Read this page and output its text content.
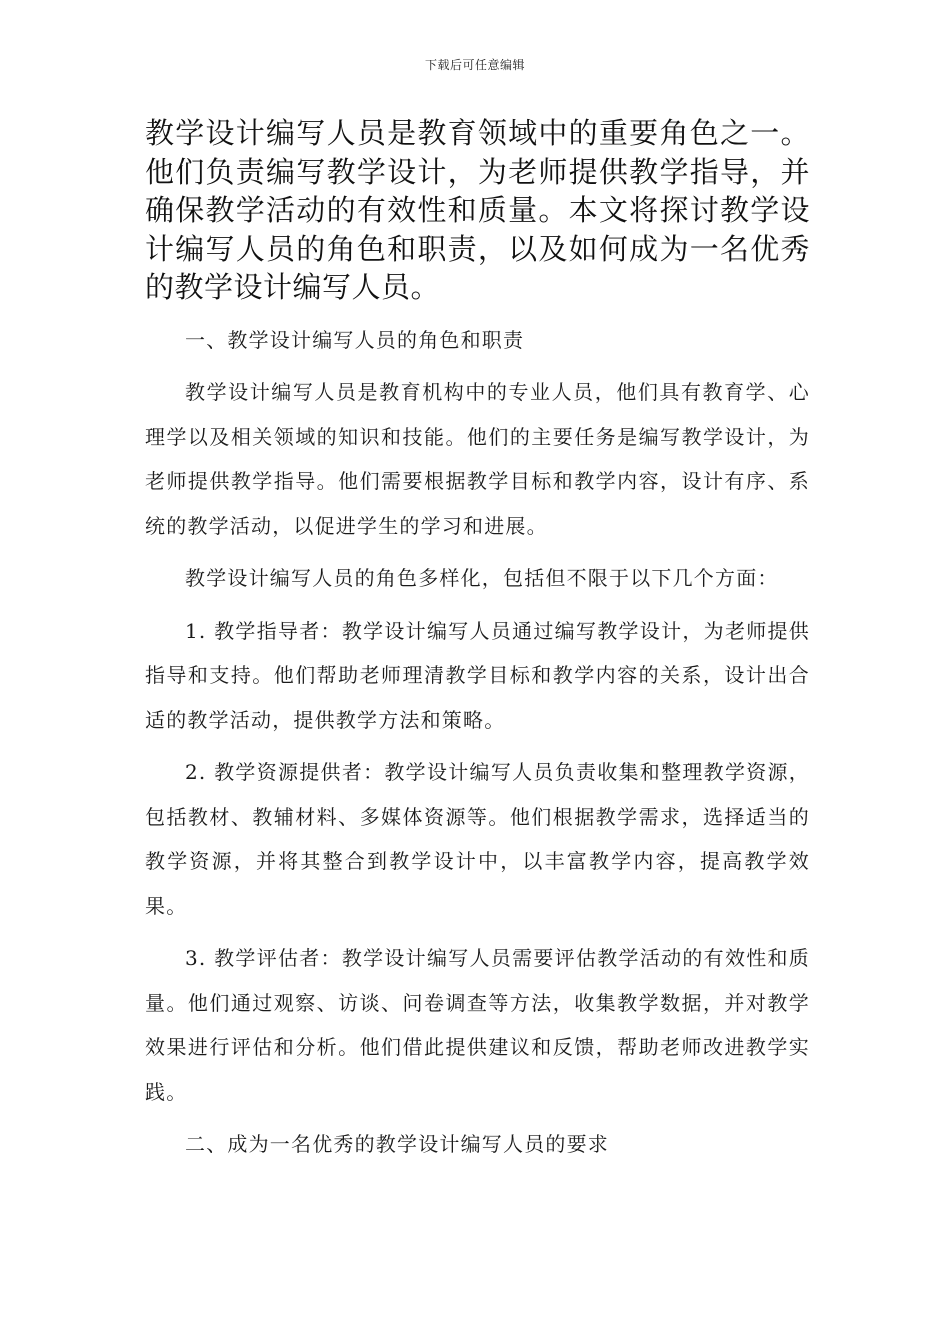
下载后可任意编辑

教学设计编写人员是教育领域中的重要角色之一。他们负责编写教学设计，为老师提供教学指导，并确保教学活动的有效性和质量。本文将探讨教学设计编写人员的角色和职责，以及如何成为一名优秀的教学设计编写人员。

一、教学设计编写人员的角色和职责

教学设计编写人员是教育机构中的专业人员，他们具有教育学、心理学以及相关领域的知识和技能。他们的主要任务是编写教学设计，为老师提供教学指导。他们需要根据教学目标和教学内容，设计有序、系统的教学活动，以促进学生的学习和进展。

教学设计编写人员的角色多样化，包括但不限于以下几个方面：

1. 教学指导者：教学设计编写人员通过编写教学设计，为老师提供指导和支持。他们帮助老师理清教学目标和教学内容的关系，设计出合适的教学活动，提供教学方法和策略。

2. 教学资源提供者：教学设计编写人员负责收集和整理教学资源，包括教材、教辅材料、多媒体资源等。他们根据教学需求，选择适当的教学资源，并将其整合到教学设计中，以丰富教学内容，提高教学效果。

3. 教学评估者：教学设计编写人员需要评估教学活动的有效性和质量。他们通过观察、访谈、问卷调查等方法，收集教学数据，并对教学效果进行评估和分析。他们借此提供建议和反馈，帮助老师改进教学实践。

二、成为一名优秀的教学设计编写人员的要求
